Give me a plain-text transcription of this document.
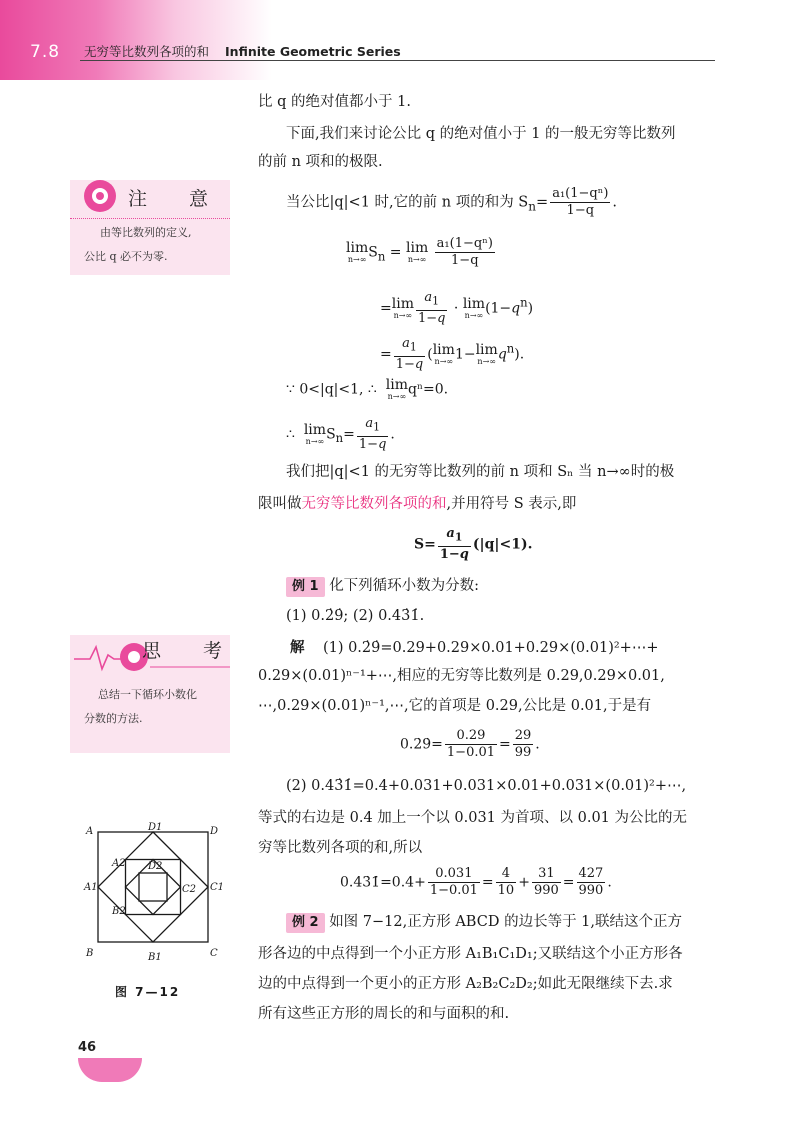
7.8 无穷等比数列各项的和 Infinite Geometric Series
注 意
由等比数列的定义,
公比 q 必不为零.
思 考
总结一下循环小数化
分数的方法.
A	D1	D
A2 D2
A1	C1
B2
B1
C2
B	C
图 7—12
比 q 的绝对值都小于 1.
下面,我们来讨论公比 q 的绝对值小于 1 的一般无穷等比数列
的前 n 项和的极限.
当公比|q|<1 时,它的前 n 项的和为 $S_n= \frac{\text{a₁(1−qⁿ)}}{1-q}$ .
lim
n→∞ $S_n = \lim$
n→∞
$\frac{\text{a₁(1−qⁿ)}}{1-q}$
=lim
$n\to\infty \frac{a_1}{1-q} \cdot \lim$
n→∞ $(1-q^n)$
= $\frac{a_1}{1-q} (\lim$
n→∞ 1−lim
n→∞ $q^n$).
∵ 0<|q|<1, ∴ lim
n→∞ qⁿ=0.
∴ lim
n→∞ $S_n= \frac{a_1}{1-q}$ .
我们把|q|<1 的无穷等比数列的前 n 项和 Sₙ 当 n→∞时的极
限叫做无穷等比数列各项的和,并用符号 S 表示,即
$S= \frac{a_1}{1-q} (|q|<1)$.
例 1 化下列循环小数为分数:
(1) 0.2̇9̇; (2) 0.43̇1̇.
解 (1) 0.2̇9̇=0.29+0.29×0.01+0.29×(0.01)²+⋯+
0.29×(0.01)ⁿ⁻¹+⋯,相应的无穷等比数列是 0.29,0.29×0.01,
⋯,0.29×(0.01)ⁿ⁻¹,⋯,它的首项是 0.29,公比是 0.01,于是有
0.2̇9̇= $\frac{0.29}{1-0.01} = \frac{29}{99}$ .
(2) 0.43̇1̇=0.4+0.031+0.031×0.01+0.031×(0.01)²+⋯,
等式的右边是 0.4 加上一个以 0.031 为首项、以 0.01 为公比的无
穷等比数列各项的和,所以
0.43̇1̇=0.4+ $\frac{0.031}{1-0.01} = \frac{4}{10} + \frac{31}{990} = \frac{427}{990}$ .
例 2 如图 7−12,正方形 ABCD 的边长等于 1,联结这个正方
形各边的中点得到一个小正方形 A₁B₁C₁D₁;又联结这个小正方形各
边的中点得到一个更小的正方形 A₂B₂C₂D₂;如此无限继续下去.求
所有这些正方形的周长的和与面积的和.
46
